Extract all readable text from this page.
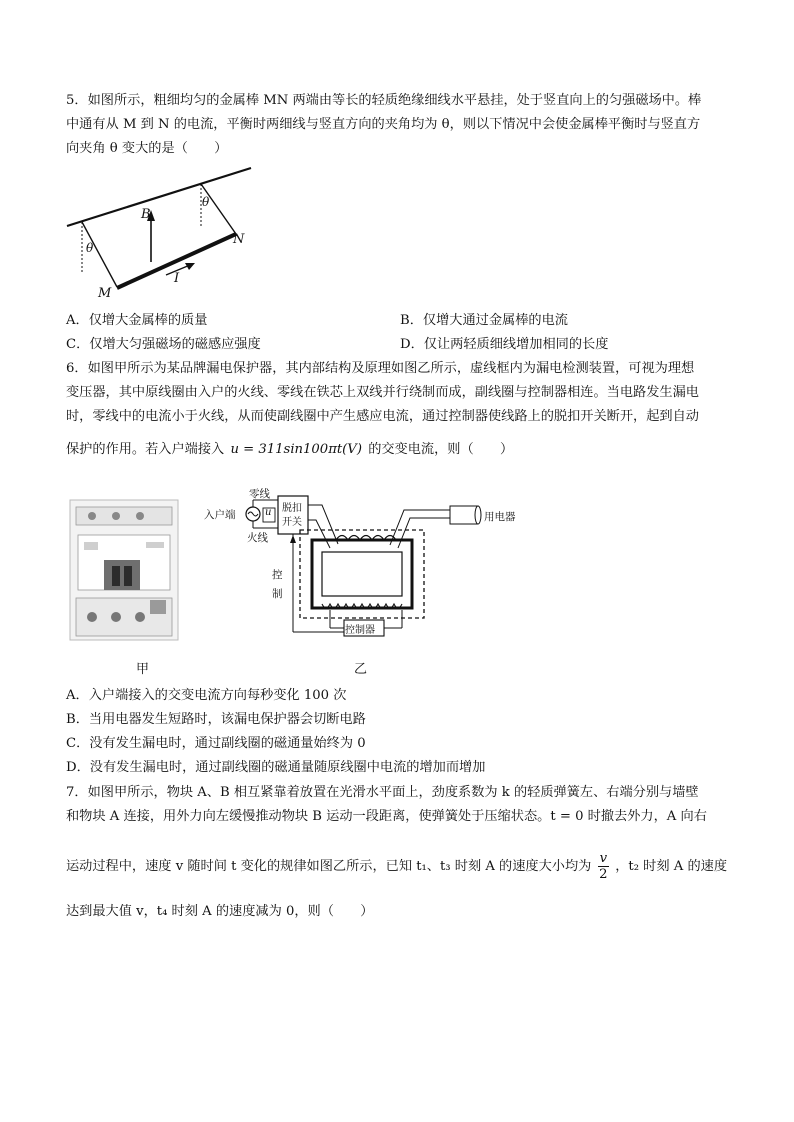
5．如图所示，粗细均匀的金属棒 MN 两端由等长的轻质绝缘细线水平悬挂，处于竖直向上的匀强磁场中。棒
中通有从 M 到 N 的电流，平衡时两细线与竖直方向的夹角均为 θ，则以下情况中会使金属棒平衡时与竖直方
向夹角 θ 变大的是（　　）
B
θ
θ
M
N
I
A．仅增大金属棒的质量	B．仅增大通过金属棒的电流
C．仅增大匀强磁场的磁感应强度	D．仅让两轻质细线增加相同的长度
6．如图甲所示为某品牌漏电保护器，其内部结构及原理如图乙所示，虚线框内为漏电检测装置，可视为理想
变压器，其中原线圈由入户的火线、零线在铁芯上双线并行绕制而成，副线圈与控制器相连。当电路发生漏电
时，零线中的电流小于火线，从而使副线圈中产生感应电流，通过控制器使线路上的脱扣开关断开，起到自动
保护的作用。若入户端接入 u = 311sin100πt(V) 的交变电流，则（　　）
甲
零线
入户端	u
火线
脱扣
开关	用电器
控
制
控制器
乙
A．入户端接入的交变电流方向每秒变化 100 次
B．当用电器发生短路时，该漏电保护器会切断电路
C．没有发生漏电时，通过副线圈的磁通量始终为 0
D．没有发生漏电时，通过副线圈的磁通量随原线圈中电流的增加而增加
7．如图甲所示，物块 A、B 相互紧靠着放置在光滑水平面上，劲度系数为 k 的轻质弹簧左、右端分别与墙壁
和物块 A 连接，用外力向左缓慢推动物块 B 运动一段距离，使弹簧处于压缩状态。t = 0 时撤去外力，A 向右
运动过程中，速度 v 随时间 t 变化的规律如图乙所示，已知 t₁、t₃ 时刻 A 的速度大小均为 $\frac{v}{2}$ ，t₂ 时刻 A 的速度
达到最大值 v，t₄ 时刻 A 的速度减为 0，则（　　）
